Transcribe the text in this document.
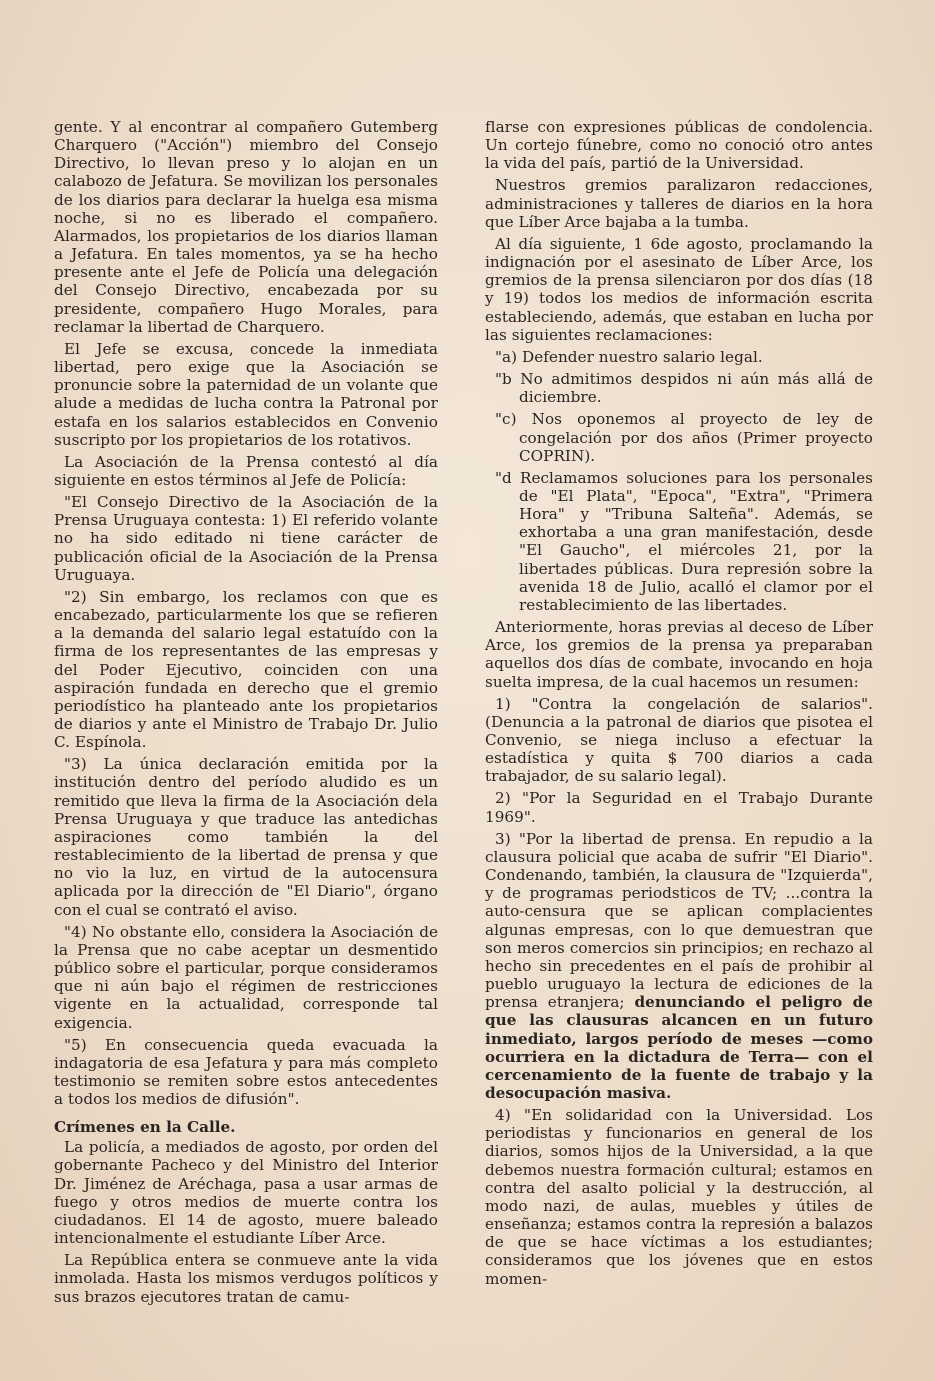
gente. Y al encontrar al compañero Gutemberg Charquero ("Acción") miembro del Consejo Directivo, lo llevan preso y lo alojan en un calabozo de Jefatura. Se movilizan los personales de los diarios para declarar la huelga esa misma noche, si no es liberado el compañero. Alarmados, los propietarios de los diarios llaman a Jefatura. En tales momentos, ya se ha hecho presente ante el Jefe de Policía una delegación del Consejo Directivo, encabezada por su presidente, compañero Hugo Morales, para reclamar la libertad de Charquero.

El Jefe se excusa, concede la inmediata libertad, pero exige que la Asociación se pronuncie sobre la paternidad de un volante que alude a medidas de lucha contra la Patronal por estafa en los salarios establecidos en Convenio suscripto por los propietarios de los rotativos.

La Asociación de la Prensa contestó al día siguiente en estos términos al Jefe de Policía:

"El Consejo Directivo de la Asociación de la Prensa Uruguaya contesta: 1) El referido volante no ha sido editado ni tiene carácter de publicación oficial de la Asociación de la Prensa Uruguaya.

"2) Sin embargo, los reclamos con que es encabezado, particularmente los que se refieren a la demanda del salario legal estatuído con la firma de los representantes de las empresas y del Poder Ejecutivo, coinciden con una aspiración fundada en derecho que el gremio periodístico ha planteado ante los propietarios de diarios y ante el Ministro de Trabajo Dr. Julio C. Espínola.

"3) La única declaración emitida por la institución dentro del período aludido es un remitido que lleva la firma de la Asociación dela Prensa Uruguaya y que traduce las antedichas aspiraciones como también la del restablecimiento de la libertad de prensa y que no vio la luz, en virtud de la autocensura aplicada por la dirección de "El Diario", órgano con el cual se contrató el aviso.

"4) No obstante ello, considera la Asociación de la Prensa que no cabe aceptar un desmentido público sobre el particular, porque consideramos que ni aún bajo el régimen de restricciones vigente en la actualidad, corresponde tal exigencia.

"5) En consecuencia queda evacuada la indagatoria de esa Jefatura y para más completo testimonio se remiten sobre estos antecedentes a todos los medios de difusión".

Crímenes en la Calle.

La policía, a mediados de agosto, por orden del gobernante Pacheco y del Ministro del Interior Dr. Jiménez de Aréchaga, pasa a usar armas de fuego y otros medios de muerte contra los ciudadanos. El 14 de agosto, muere baleado intencionalmente el estudiante Líber Arce.

La República entera se conmueve ante la vida inmolada. Hasta los mismos verdugos políticos y sus brazos ejecutores tratan de camu-

flarse con expresiones públicas de condolencia. Un cortejo fúnebre, como no conoció otro antes la vida del país, partió de la Universidad.

Nuestros gremios paralizaron redacciones, administraciones y talleres de diarios en la hora que Líber Arce bajaba a la tumba.

Al día siguiente, 1 6de agosto, proclamando la indignación por el asesinato de Líber Arce, los gremios de la prensa silenciaron por dos días (18 y 19) todos los medios de información escrita estableciendo, además, que estaban en lucha por las siguientes reclamaciones:

"a) Defender nuestro salario legal.

"b No admitimos despidos ni aún más allá de diciembre.

"c) Nos oponemos al proyecto de ley de congelación por dos años (Primer proyecto COPRIN).

"d Reclamamos soluciones para los personales de "El Plata", "Epoca", "Extra", "Primera Hora" y "Tribuna Salteña". Además, se exhortaba a una gran manifestación, desde "El Gaucho", el miércoles 21, por la libertades públicas. Dura represión sobre la avenida 18 de Julio, acalló el clamor por el restablecimiento de las libertades.

Anteriormente, horas previas al deceso de Líber Arce, los gremios de la prensa ya preparaban aquellos dos días de combate, invocando en hoja suelta impresa, de la cual hacemos un resumen:

1) "Contra la congelación de salarios". (Denuncia a la patronal de diarios que pisotea el Convenio, se niega incluso a efectuar la estadística y quita $ 700 diarios a cada trabajador, de su salario legal).

2) "Por la Seguridad en el Trabajo Durante 1969".

3) "Por la libertad de prensa. En repudio a la clausura policial que acaba de sufrir "El Diario". Condenando, también, la clausura de "Izquierda", y de programas periodsticos de TV; ...contra la auto-censura que se aplican complacientes algunas empresas, con lo que demuestran que son meros comercios sin principios; en rechazo al hecho sin precedentes en el país de prohibir al pueblo uruguayo la lectura de ediciones de la prensa etranjera; denunciando el peligro de que las clausuras alcancen en un futuro inmediato, largos período de meses —como ocurriera en la dictadura de Terra— con el cercenamiento de la fuente de trabajo y la desocupación masiva.

4) "En solidaridad con la Universidad. Los periodistas y funcionarios en general de los diarios, somos hijos de la Universidad, a la que debemos nuestra formación cultural; estamos en contra del asalto policial y la destrucción, al modo nazi, de aulas, muebles y útiles de enseñanza; estamos contra la represión a balazos de que se hace víctimas a los estudiantes; consideramos que los jóvenes que en estos momen-
